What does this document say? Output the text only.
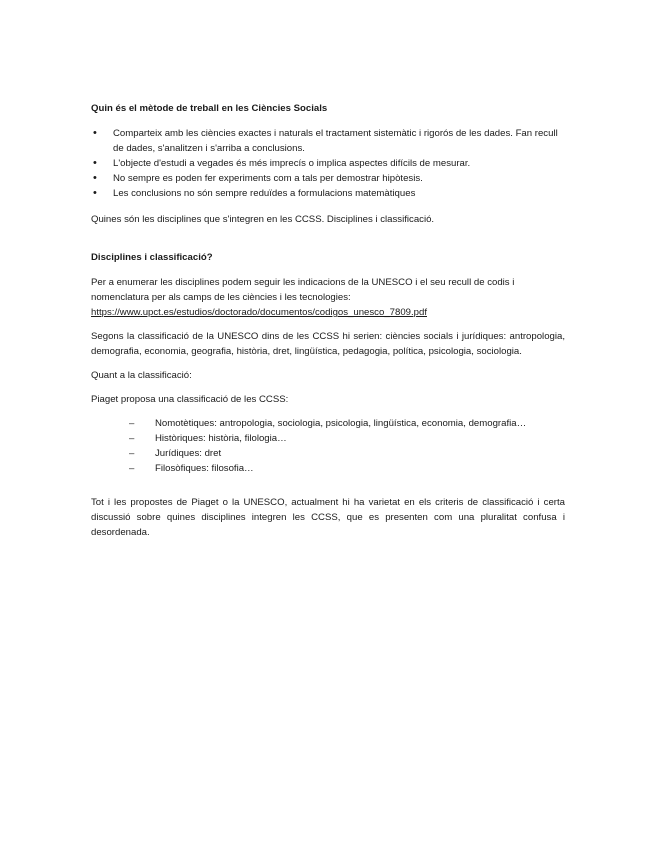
Quin és el mètode de treball en les Ciències Socials
• Comparteix amb les ciències exactes i naturals el tractament sistemàtic i rigorós de les dades. Fan recull de dades, s'analitzen i s'arriba a conclusions.
• L'objecte d'estudi a vegades és més imprecís o implica aspectes difícils de mesurar.
• No sempre es poden fer experiments com a tals per demostrar hipòtesis.
• Les conclusions no són sempre reduïdes a formulacions matemàtiques

Quines són les disciplines que s'integren en les CCSS. Disciplines i classificació.

Disciplines i classificació?

Per a enumerar les disciplines podem seguir les indicacions de la UNESCO i el seu recull de codis i nomenclatura per als camps de les ciències i les tecnologies:
https://www.upct.es/estudios/doctorado/documentos/codigos_unesco_7809.pdf

Segons la classificació de la UNESCO dins de les CCSS hi serien: ciències socials i jurídiques: antropologia, demografia, economia, geografia, història, dret, lingüística, pedagogia, política, psicologia, sociologia.

Quant a la classificació:

Piaget proposa una classificació de les CCSS:

– Nomotètiques: antropologia, sociologia, psicologia, lingüística, economia, demografia…
– Històriques: història, filologia…
– Jurídiques: dret
– Filosòfiques: filosofia…

Tot i les propostes de Piaget o la UNESCO, actualment hi ha varietat en els criteris de classificació i certa discussió sobre quines disciplines integren les CCSS, que es presenten com una pluralitat confusa i desordenada.
